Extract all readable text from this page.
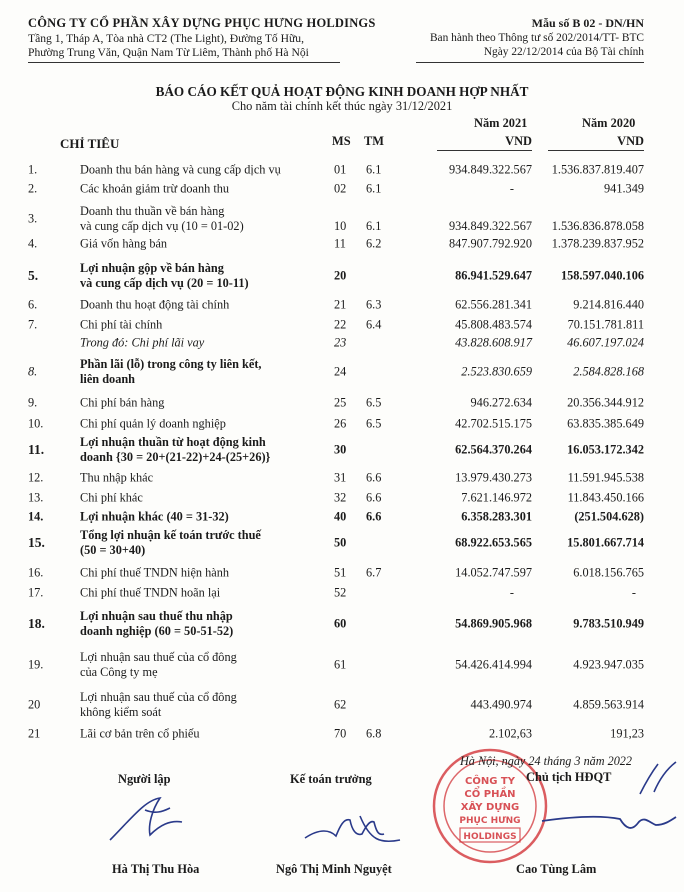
CÔNG TY CỔ PHẦN XÂY DỰNG PHỤC HƯNG HOLDINGS
Tầng 1, Tháp A, Tòa nhà CT2 (The Light), Đường Tố Hữu,
Phường Trung Văn, Quận Nam Từ Liêm, Thành phố Hà Nội
Mẫu số B 02 - DN/HN
Ban hành theo Thông tư số 202/2014/TT- BTC
Ngày 22/12/2014 của Bộ Tài chính
BÁO CÁO KẾT QUẢ HOẠT ĐỘNG KINH DOANH HỢP NHẤT
Cho năm tài chính kết thúc ngày 31/12/2021
Năm 2021	Năm 2020
CHỈ TIÊU	MS TM	VND	VND
1.	Doanh thu bán hàng và cung cấp dịch vụ	01 6.1	934.849.322.567 1.536.837.819.407
2.	Các khoản giảm trừ doanh thu	02 6.1	-	941.349
3.
Doanh thu thuần về bán hàng
và cung cấp dịch vụ (10 = 01-02)	10 6.1	934.849.322.567 1.536.836.878.058
4.	Giá vốn hàng bán	11 6.2	847.907.792.920 1.378.239.837.952
5.	Lợi nhuận gộp về bán hàng
và cung cấp dịch vụ (20 = 10-11)
20	86.941.529.647 158.597.040.106
6.	Doanh thu hoạt động tài chính	21 6.3	62.556.281.341	9.214.816.440
7.	Chi phí tài chính	22 6.4	45.808.483.574	70.151.781.811
Trong đó: Chi phí lãi vay	23	43.828.608.917	46.607.197.024
8.
Phần lãi (lỗ) trong công ty liên kết,
liên doanh
24	2.523.830.659	2.584.828.168
9.	Chi phí bán hàng	25 6.5	946.272.634	20.356.344.912
10.	Chi phí quản lý doanh nghiệp	26 6.5	42.702.515.175	63.835.385.649
11.	Lợi nhuận thuần từ hoạt động kinh
doanh {30 = 20+(21-22)+24-(25+26)}
30	62.564.370.264	16.053.172.342
12.	Thu nhập khác	31 6.6	13.979.430.273	11.591.945.538
13.	Chi phí khác	32 6.6	7.621.146.972	11.843.450.166
14.	Lợi nhuận khác (40 = 31-32)	40 6.6	6.358.283.301	(251.504.628)
15.	Tổng lợi nhuận kế toán trước thuế
(50 = 30+40)
50	68.922.653.565	15.801.667.714
16.	Chi phí thuế TNDN hiện hành	51 6.7	14.052.747.597	6.018.156.765
17.	Chi phí thuế TNDN hoãn lại	52	-	-
18.	Lợi nhuận sau thuế thu nhập
doanh nghiệp (60 = 50-51-52)
60	54.869.905.968	9.783.510.949
19.
Lợi nhuận sau thuế của cổ đông
của Công ty mẹ
61	54.426.414.994	4.923.947.035
20
Lợi nhuận sau thuế của cổ đông
không kiểm soát
62	443.490.974	4.859.563.914
21	Lãi cơ bản trên cổ phiếu	70 6.8	2.102,63	191,23
CÔNG TY
CỔ PHẦN
XÂY DỰNG
PHỤC HƯNG
HOLDINGS
Hà Nội, ngày 24 tháng 3 năm 2022
Người lập	Kế toán trưởng	Chủ tịch HĐQT
Hà Thị Thu Hòa	Ngô Thị Minh Nguyệt	Cao Tùng Lâm
